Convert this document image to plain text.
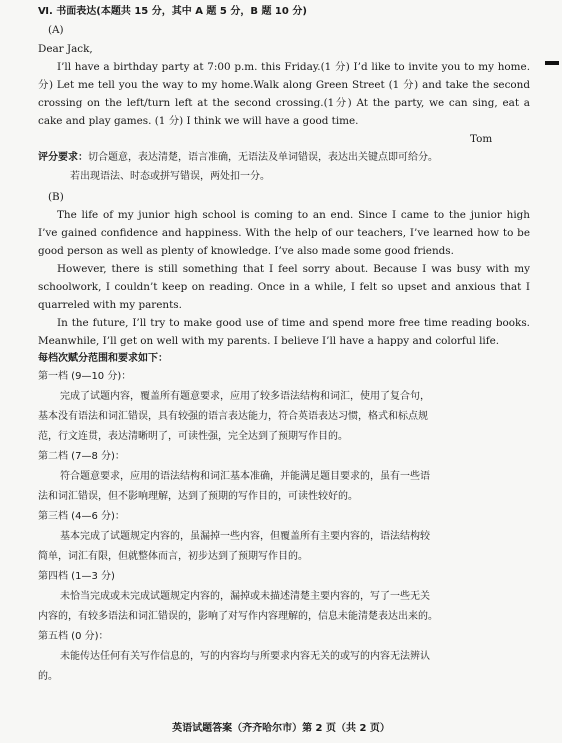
Ⅵ. 书面表达(本题共 15 分，其中 A 题 5 分，B 题 10 分)
(A)
Dear Jack,
I’ll have a birthday party at 7:00 p.m. this Friday.(1 分) I’d like to invite you to my home.
分) Let me tell you the way to my home.Walk along Green Street (1 分) and take the second
crossing on the left/turn left at the second crossing.(1分) At the party, we can sing, eat a
cake and play games. (1 分) I think we will have a good time.
Tom
评分要求：切合题意，表达清楚，语言准确，无语法及单词错误，表达出关键点即可给分。
若出现语法、时态或拼写错误，两处扣一分。
(B)
The life of my junior high school is coming to an end. Since I came to the junior high
I’ve gained confidence and happiness. With the help of our teachers, I’ve learned how to be
good person as well as plenty of knowledge. I’ve also made some good friends.
However, there is still something that I feel sorry about. Because I was busy with my
schoolwork, I couldn’t keep on reading. Once in a while, I felt so upset and anxious that I
quarreled with my parents.
In the future, I’ll try to make good use of time and spend more free time reading books.
Meanwhile, I’ll get on well with my parents. I believe I’ll have a happy and colorful life.
每档次赋分范围和要求如下：
第一档 (9—10 分)：
完成了试题内容，覆盖所有题意要求，应用了较多语法结构和词汇，使用了复合句，
基本没有语法和词汇错误，具有较强的语言表达能力，符合英语表达习惯，格式和标点规
范，行文连贯，表达清晰明了，可读性强，完全达到了预期写作目的。
第二档 (7—8 分)：
符合题意要求，应用的语法结构和词汇基本准确，并能满足题目要求的，虽有一些语
法和词汇错误，但不影响理解，达到了预期的写作目的，可读性较好的。
第三档 (4—6 分)：
基本完成了试题规定内容的，虽漏掉一些内容，但覆盖所有主要内容的，语法结构较
简单，词汇有限，但就整体而言，初步达到了预期写作目的。
第四档 (1—3 分)
未恰当完成或未完成试题规定内容的，漏掉或未描述清楚主要内容的，写了一些无关
内容的，有较多语法和词汇错误的，影响了对写作内容理解的，信息未能清楚表达出来的。
第五档 (0 分)：
未能传达任何有关写作信息的，写的内容均与所要求内容无关的或写的内容无法辨认
的。
英语试题答案（齐齐哈尔市）第 2 页（共 2 页）
